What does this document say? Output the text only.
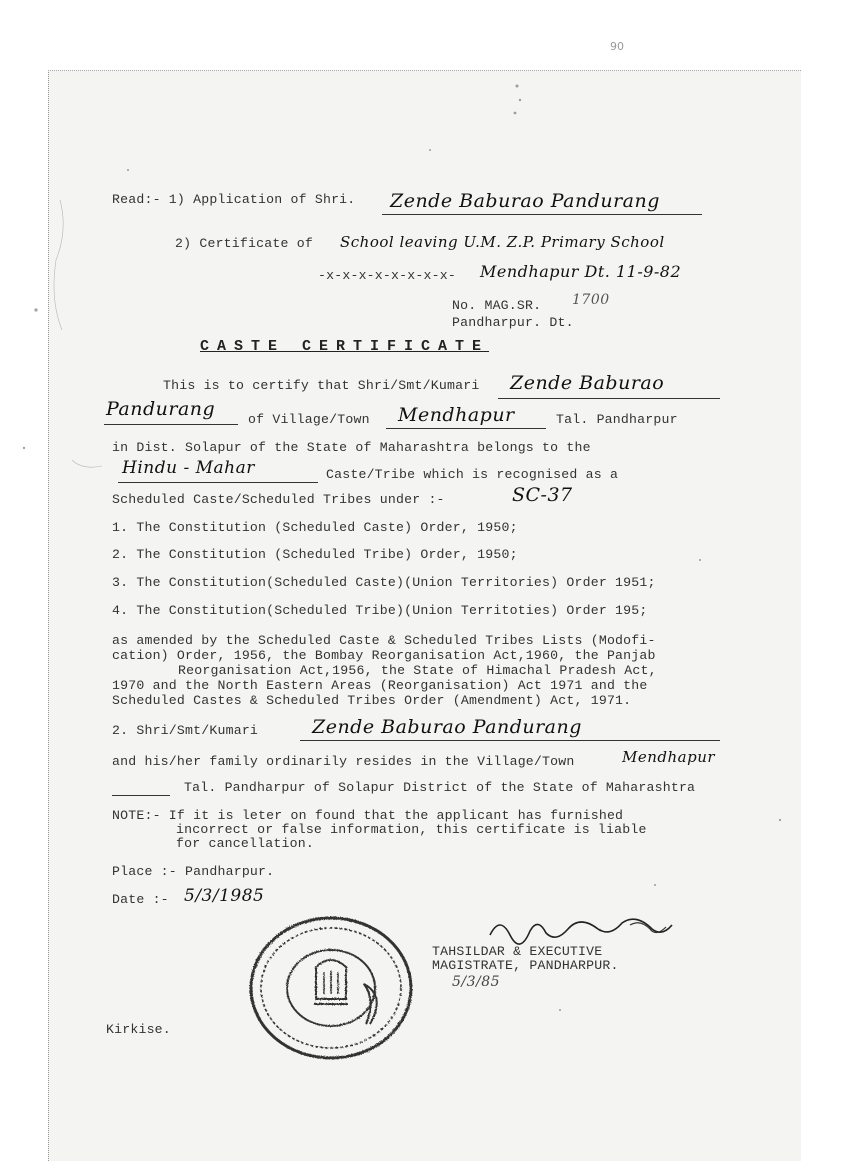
Read:- 1) Application of Shri. Zende Baburao Pandurang
2) Certificate of School leaving U.M. Z.P. Primary School
-x-x-x-x-x-x-x-x- Mendhapur Dt. 11-9-82
No. MAG.SR. 1700
Pandharpur. Dt.
CASTE CERTIFICATE
This is to certify that Shri/Smt/Kumari Zende Baburao
Pandurang of Village/Town Mendhapur	Tal. Pandharpur
in Dist. Solapur of the State of Maharashtra belongs to the
Hindu - Mahar	Caste/Tribe which is recognised as a
Scheduled Caste/Scheduled Tribes under :-	SC-37
1. The Constitution (Scheduled Caste) Order, 1950;
2. The Constitution (Scheduled Tribe) Order, 1950;
3. The Constitution(Scheduled Caste)(Union Territories) Order 1951;
4. The Constitution(Scheduled Tribe)(Union Territoties) Order 195;
as amended by the Scheduled Caste & Scheduled Tribes Lists (Modofi-
cation) Order, 1956, the Bombay Reorganisation Act,1960, the Panjab
Reorganisation Act,1956, the State of Himachal Pradesh Act,
1970 and the North Eastern Areas (Reorganisation) Act 1971 and the
Scheduled Castes & Scheduled Tribes Order (Amendment) Act, 1971.
2. Shri/Smt/Kumari	Zende Baburao Pandurang
and his/her family ordinarily resides in the Village/Town	Mendhapur
Tal. Pandharpur of Solapur District of the State of Maharashtra
NOTE:- If it is leter on found that the applicant has furnished
incorrect or false information, this certificate is liable
for cancellation.
Place :- Pandharpur.
Date :- 5/3/1985
TAHSILDAR & EXECUTIVE
MAGISTRATE, PANDHARPUR.
5/3/85
Kirkise.
90
